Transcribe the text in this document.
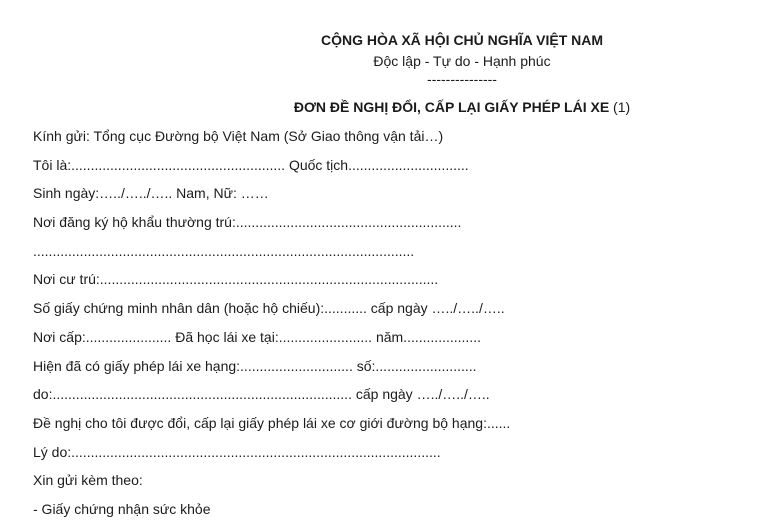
CỘNG HÒA XÃ HỘI CHỦ NGHĨA VIỆT NAM
Độc lập - Tự do - Hạnh phúc
---------------
ĐƠN ĐỀ NGHỊ ĐỔI, CẤP LẠI GIẤY PHÉP LÁI XE (1)
Kính gửi: Tổng cục Đường bộ Việt Nam (Sở Giao thông vận tải…)
Tôi là:....................................................... Quốc tịch...............................
Sinh ngày:…../…../….. Nam, Nữ: ……
Nơi đăng ký hộ khẩu thường trú:..........................................................
..................................................................................................
Nơi cư trú:.......................................................................................
Số giấy chứng minh nhân dân (hoặc hộ chiếu):........... cấp ngày …../…../…..
Nơi cấp:...................... Đã học lái xe tại:........................ năm....................
Hiện đã có giấy phép lái xe hạng:............................. số:..........................
do:............................................................................. cấp ngày …../…../…..
Đề nghị cho tôi được đổi, cấp lại giấy phép lái xe cơ giới đường bộ hạng:......
Lý do:...............................................................................................
Xin gửi kèm theo:
- Giấy chứng nhận sức khỏe
